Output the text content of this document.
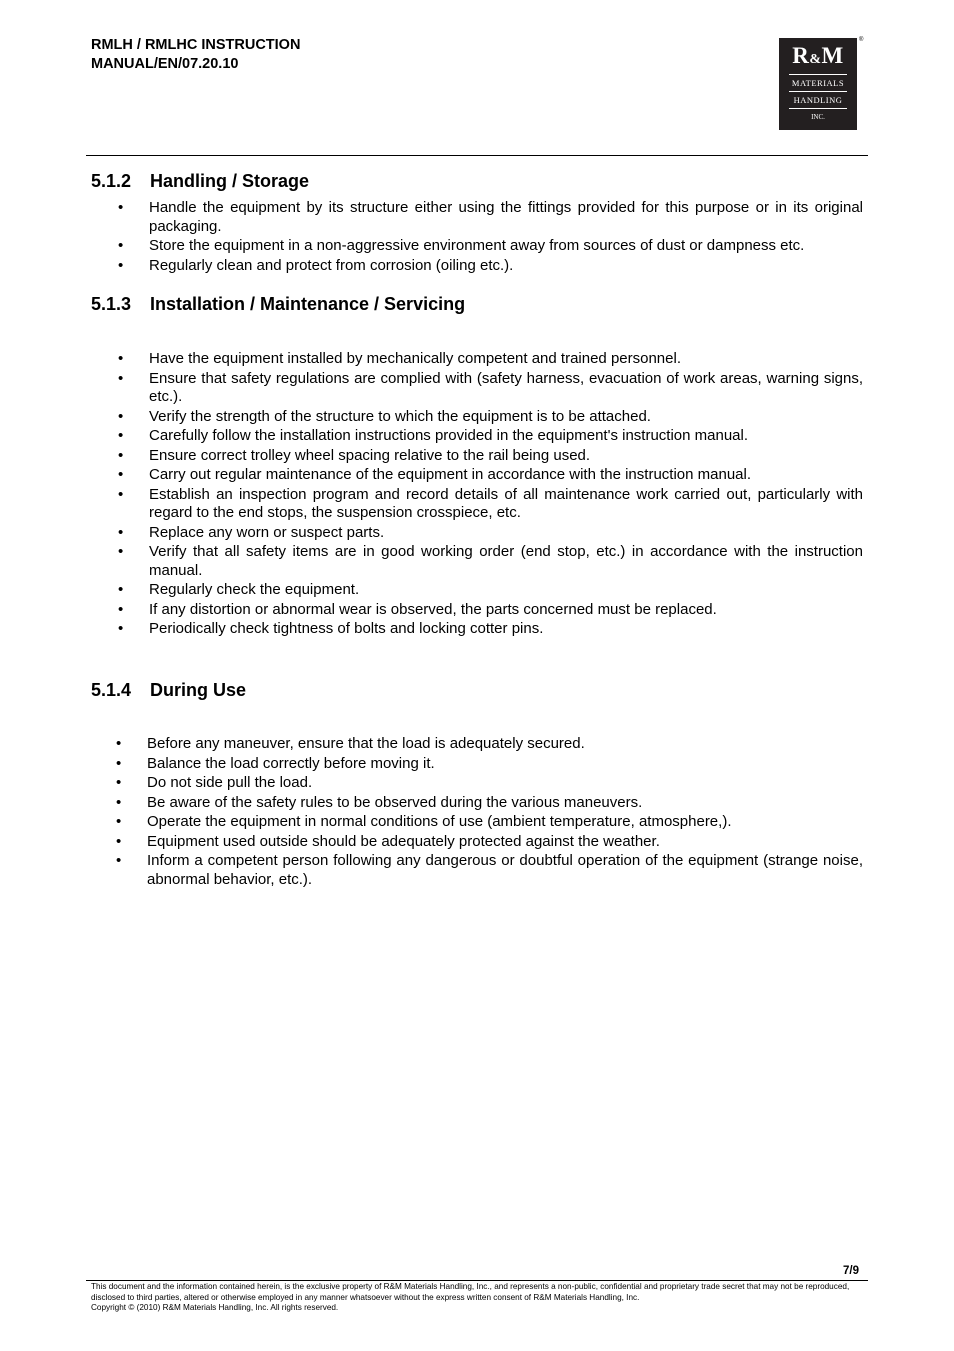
RMLH / RMLHC INSTRUCTION
MANUAL/EN/07.20.10	R&M
MATERIALS
HANDLING
INC.
®
5.1.2 Handling / Storage
• Handle the equipment by its structure either using the fittings provided for this purpose or in its original packaging.
• Store the equipment in a non-aggressive environment away from sources of dust or dampness etc.
• Regularly clean and protect from corrosion (oiling etc.).
5.1.3 Installation / Maintenance / Servicing
• Have the equipment installed by mechanically competent and trained personnel.
• Ensure that safety regulations are complied with (safety harness, evacuation of work areas, warning signs, etc.).
• Verify the strength of the structure to which the equipment is to be attached.
• Carefully follow the installation instructions provided in the equipment's instruction manual.
• Ensure correct trolley wheel spacing relative to the rail being used.
• Carry out regular maintenance of the equipment in accordance with the instruction manual.
• Establish an inspection program and record details of all maintenance work carried out, particularly with regard to the end stops, the suspension crosspiece, etc.
• Replace any worn or suspect parts.
• Verify that all safety items are in good working order (end stop, etc.) in accordance with the instruction manual.
• Regularly check the equipment.
• If any distortion or abnormal wear is observed, the parts concerned must be replaced.
• Periodically check tightness of bolts and locking cotter pins.
5.1.4 During Use
• Before any maneuver, ensure that the load is adequately secured.
• Balance the load correctly before moving it.
• Do not side pull the load.
• Be aware of the safety rules to be observed during the various maneuvers.
• Operate the equipment in normal conditions of use (ambient temperature, atmosphere,).
• Equipment used outside should be adequately protected against the weather.
• Inform a competent person following any dangerous or doubtful operation of the equipment (strange noise, abnormal behavior, etc.).
7/9
This document and the information contained herein, is the exclusive property of R&M Materials Handling, Inc., and represents a non-public, confidential and proprietary trade secret that may not be reproduced, disclosed to third parties, altered or otherwise employed in any manner whatsoever without the express written consent of R&M Materials Handling, Inc.
Copyright © (2010) R&M Materials Handling, Inc. All rights reserved.
